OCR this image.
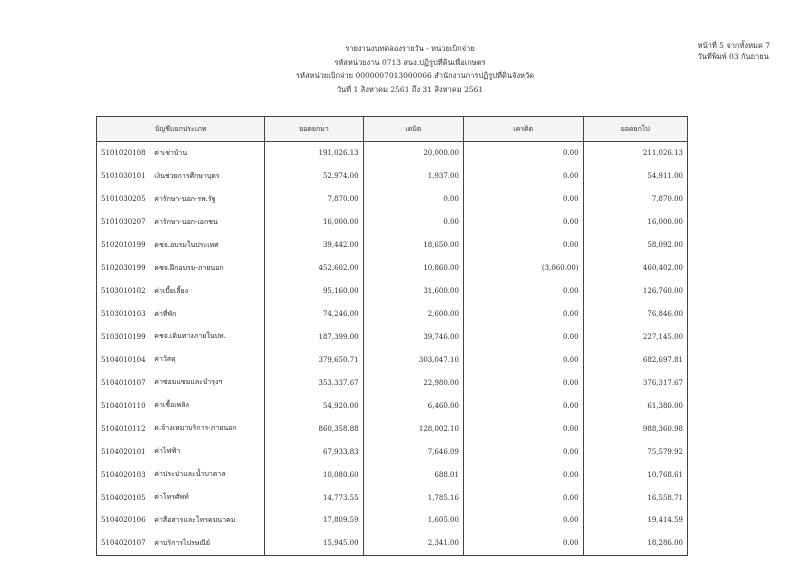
หน้าที่ 5 จากทั้งหมด 7
วันที่พิมพ์ 03 กันยายน
รายงานงบทดลองรายวัน - หน่วยเบิกจ่าย
รหัสหน่วยงาน 0713 สนง.ปฏิรูปที่ดินเพื่อเกษตร
รหัสหน่วยเบิกจ่าย 0000007013000066 สำนักงานการปฏิรูปที่ดินจังหวัด
วันที่ 1 สิงหาคม 2561 ถึง 31 สิงหาคม 2561
บัญชีแยกประเภท		ยอดยกมา	เดบิต	เครดิต	ยอดยกไป
5101020108	ค่าเช่าบ้าน	191,026.13	20,000.00	0.00	211,026.13
5101030101	เงินช่วยการศึกษาบุตร	52,974.00	1,937.00	0.00	54,911.00
5101030205	ค่ารักษา-นอก-รพ.รัฐ	7,870.00	0.00	0.00	7,870.00
5101030207	ค่ารักษา-นอก-เอกชน	16,000.00	0.00	0.00	16,000.00
5102010199	คชจ.อบรมในประเทศ	39,442.00	18,650.00	0.00	58,092.00
5102030199	คชจ.ฝึกอบรม-ภายนอก	452,602.00	10,860.00	(3,060.00)	460,402.00
5103010102	ค่าเบี้ยเลี้ยง	95,160.00	31,600.00	0.00	126,760.00
5103010103	ค่าที่พัก	74,246.00	2,600.00	0.00	76,846.00
5103010199	คชจ.เดินทางภายในปท.	187,399.00	39,746.00	0.00	227,145.00
5104010104	ค่าวัสดุ	379,650.71	303,047.10	0.00	682,697.81
5104010107	ค่าซ่อมแซมและบำรุงฯ	353,337.67	22,980.00	0.00	376,317.67
5104010110	ค่าเชื้อเพลิง	54,920.00	6,460.00	0.00	61,380.00
5104010112	ค.จ้างเหมาบริการ-ภายนอก	860,358.88	128,002.10	0.00	988,360.98
5104020101	ค่าไฟฟ้า	67,933.83	7,646.09	0.00	75,579.92
5104020103	ค่าประปาและน้ำบาดาล	10,080.60	688.01	0.00	10,768.61
5104020105	ค่าโทรศัพท์	14,773.55	1,785.16	0.00	16,558.71
5104020106	ค่าสื่อสารและโทรคมนาคม	17,809.59	1,605.00	0.00	19,414.59
5104020107	ค่าบริการไปรษณีย์	15,945.00	2,341.00	0.00	18,286.00
